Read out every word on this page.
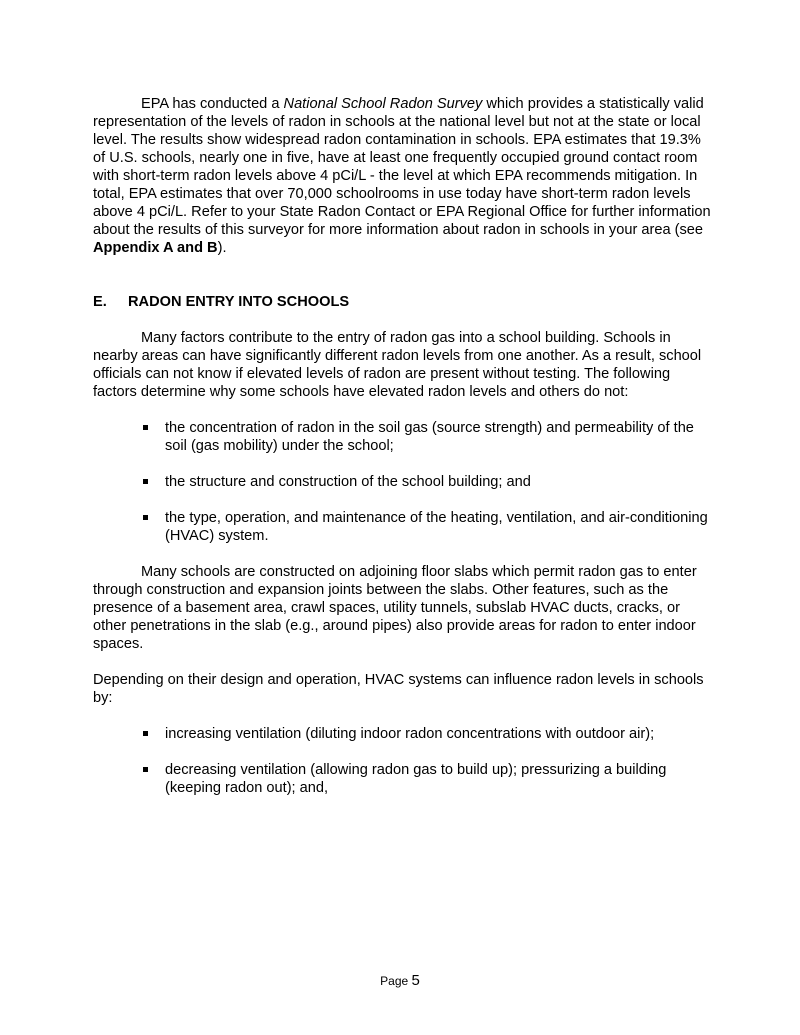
EPA has conducted a National School Radon Survey which provides a statistically valid representation of the levels of radon in schools at the national level but not at the state or local level. The results show widespread radon contamination in schools. EPA estimates that 19.3% of U.S. schools, nearly one in five, have at least one frequently occupied ground contact room with short-term radon levels above 4 pCi/L - the level at which EPA recommends mitigation. In total, EPA estimates that over 70,000 schoolrooms in use today have short-term radon levels above 4 pCi/L. Refer to your State Radon Contact or EPA Regional Office for further information about the results of this surveyor for more information about radon in schools in your area (see Appendix A and B).

E. RADON ENTRY INTO SCHOOLS

Many factors contribute to the entry of radon gas into a school building. Schools in nearby areas can have significantly different radon levels from one another. As a result, school officials can not know if elevated levels of radon are present without testing. The following factors determine why some schools have elevated radon levels and others do not:

the concentration of radon in the soil gas (source strength) and permeability of the soil (gas mobility) under the school;
the structure and construction of the school building; and
the type, operation, and maintenance of the heating, ventilation, and air-conditioning (HVAC) system.

Many schools are constructed on adjoining floor slabs which permit radon gas to enter through construction and expansion joints between the slabs. Other features, such as the presence of a basement area, crawl spaces, utility tunnels, subslab HVAC ducts, cracks, or other penetrations in the slab (e.g., around pipes) also provide areas for radon to enter indoor spaces.

Depending on their design and operation, HVAC systems can influence radon levels in schools by:

increasing ventilation (diluting indoor radon concentrations with outdoor air);
decreasing ventilation (allowing radon gas to build up); pressurizing a building (keeping radon out); and,
Page 5
